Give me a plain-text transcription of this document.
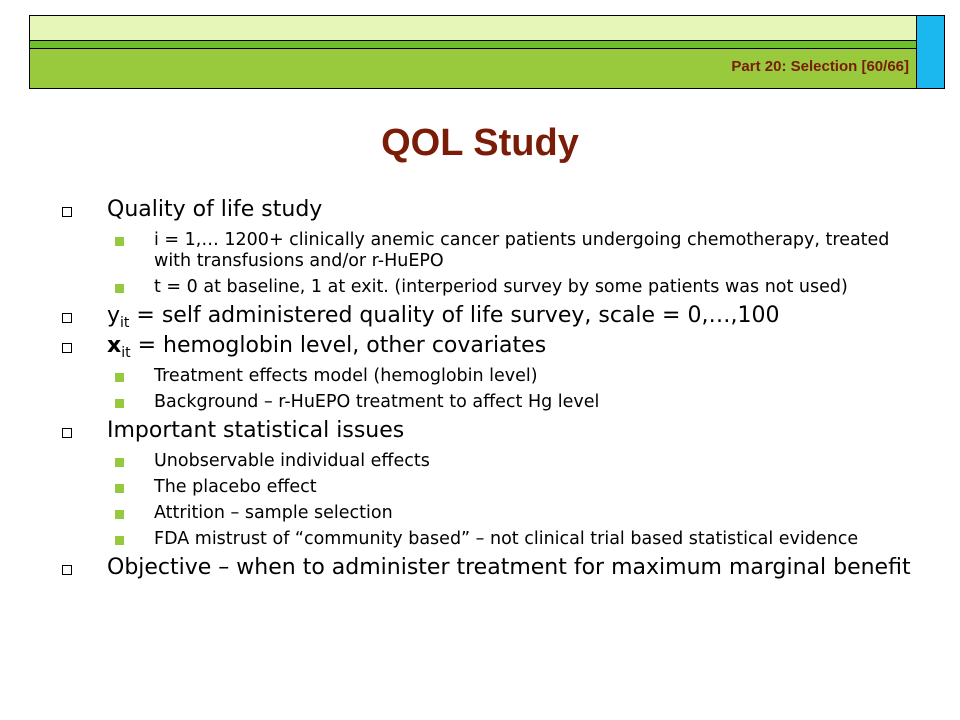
Part 20: Selection [60/66]
QOL Study
Quality of life study
i = 1,… 1200+ clinically anemic cancer patients undergoing chemotherapy, treated with transfusions and/or r-HuEPO
t = 0 at baseline, 1 at exit. (interperiod survey by some patients was not used)
$y_{it}$ = self administered quality of life survey, scale = 0,…,100
$x_{it}$ = hemoglobin level, other covariates
Treatment effects model (hemoglobin level)
Background – r-HuEPO treatment to affect Hg level
Important statistical issues
Unobservable individual effects
The placebo effect
Attrition – sample selection
FDA mistrust of “community based” – not clinical trial based statistical evidence
Objective – when to administer treatment for maximum marginal benefit
